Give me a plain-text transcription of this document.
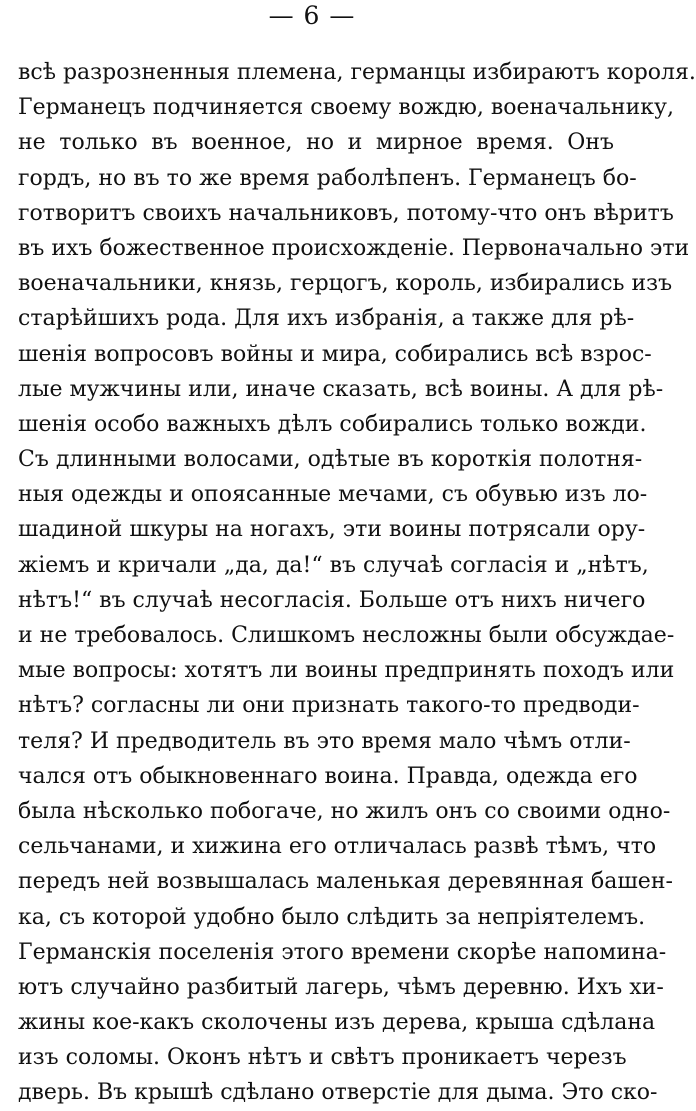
— 6 —
всѣ разрозненныя племена, германцы избираютъ короля.
Германецъ подчиняется своему вождю, военачальнику,
не только въ военное, но и мирное время. Онъ
гордъ, но въ то же время раболѣпенъ. Германецъ бо-
готворитъ своихъ начальниковъ, потому-что онъ вѣритъ
въ ихъ божественное происхожденіе. Первоначально эти
военачальники, князь, герцогъ, король, избирались изъ
старѣйшихъ рода. Для ихъ избранія, а также для рѣ-
шенія вопросовъ войны и мира, собирались всѣ взрос-
лые мужчины или, иначе сказать, всѣ воины. А для рѣ-
шенія особо важныхъ дѣлъ собирались только вожди.
Съ длинными волосами, одѣтые въ короткія полотня-
ныя одежды и опоясанные мечами, съ обувью изъ ло-
шадиной шкуры на ногахъ, эти воины потрясали ору-
жіемъ и кричали „да, да!“ въ случаѣ согласія и „нѣтъ,
нѣтъ!“ въ случаѣ несогласія. Больше отъ нихъ ничего
и не требовалось. Слишкомъ несложны были обсуждае-
мые вопросы: хотятъ ли воины предпринять походъ или
нѣтъ? согласны ли они признать такого-то предводи-
теля? И предводитель въ это время мало чѣмъ отли-
чался отъ обыкновеннаго воина. Правда, одежда его
была нѣсколько побогаче, но жилъ онъ со своими одно-
сельчанами, и хижина его отличалась развѣ тѣмъ, что
передъ ней возвышалась маленькая деревянная башен-
ка, съ которой удобно было слѣдить за непріятелемъ.
Германскія поселенія этого времени скорѣе напомина-
ютъ случайно разбитый лагерь, чѣмъ деревню. Ихъ хи-
жины кое-какъ сколочены изъ дерева, крыша сдѣлана
изъ соломы. Оконъ нѣтъ и свѣтъ проникаетъ черезъ
дверь. Въ крышѣ сдѣлано отверстіе для дыма. Это ско-
